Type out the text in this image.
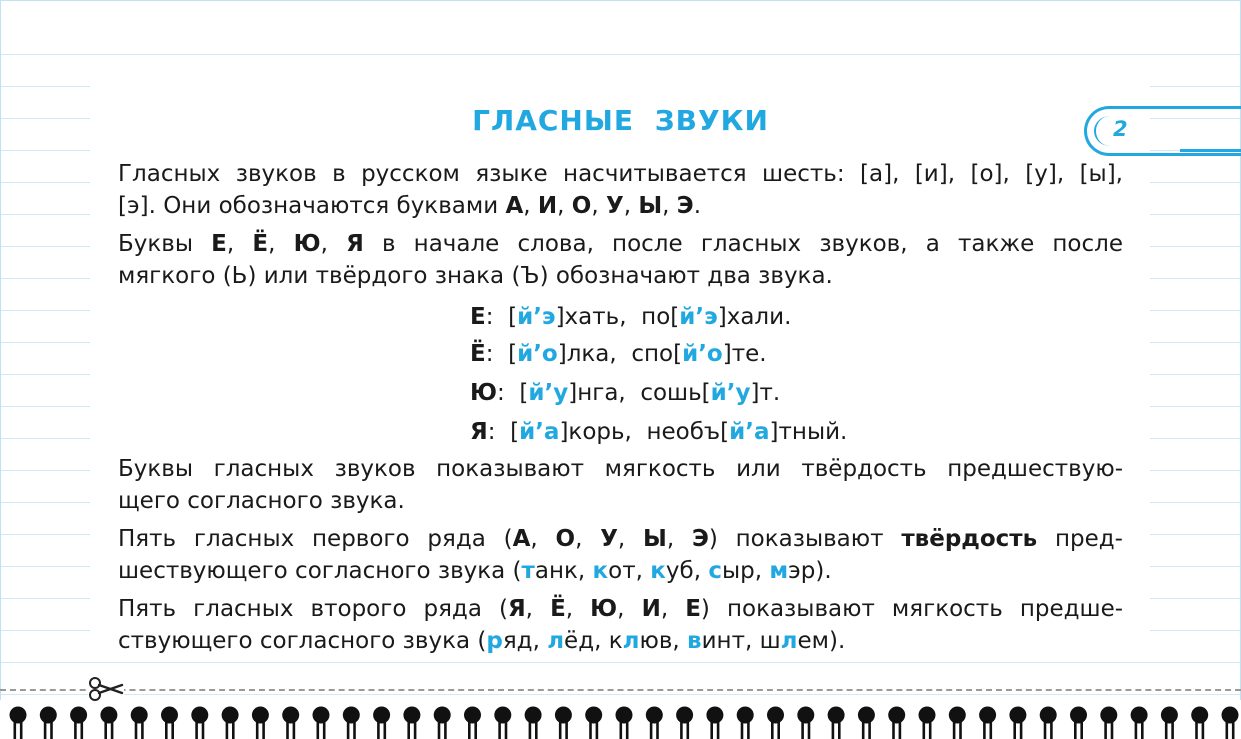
ГЛАСНЫЕ ЗВУКИ	2
Гласных звуков в русском языке насчитывается шесть: [а], [и], [о], [у], [ы],
[э]. Они обозначаются буквами А, И, О, У, Ы, Э.
Буквы Е, Ё, Ю, Я в начале слова, после гласных звуков, а также после
мягкого (Ь) или твёрдого знака (Ъ) обозначают два звука.
Е:  [й’э]хать, по[й’э]хали.
Ё:  [й’о]лка, спо[й’о]те.
Ю:  [й’у]нга, сошь[й’у]т.
Я:  [й’а]корь, необъ[й’а]тный.
Буквы гласных звуков показывают мягкость или твёрдость предшествую-
щего согласного звука.
Пять гласных первого ряда (А, О, У, Ы, Э) показывают твёрдость пред-
шествующего согласного звука (танк, кот, куб, сыр, мэр).
Пять гласных второго ряда (Я, Ё, Ю, И, Е) показывают мягкость предше-
ствующего согласного звука (ряд, лёд, клюв, винт, шлем).
